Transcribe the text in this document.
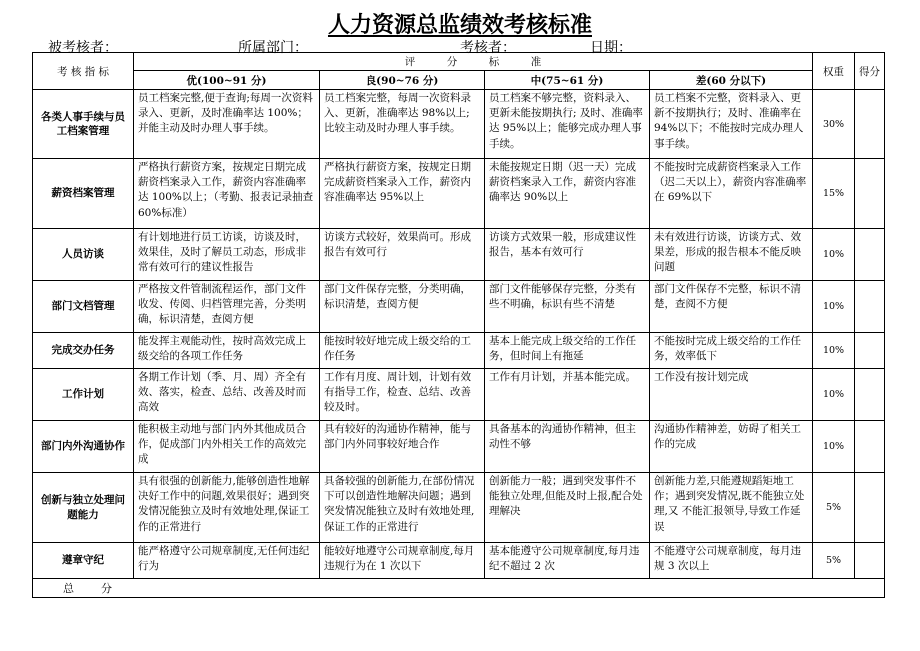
人力资源总监绩效考核标准
被考核者：	所属部门：	考核者：	日期：
考 核 指 标	评　　　分　　　标　　　准				权重	得分
	优(100~91 分)	良(90~76 分)	中(75~61 分)	差(60 分以下)		
各类人事手续与员工档案管理	员工档案完整,便于查询;每周一次资料录入、更新，及时准确率达 100%；并能主动及时办理人事手续。	员工档案完整，每周一次资料录入、更新，准确率达 98%以上; 比较主动及时办理人事手续。	员工档案不够完整，资料录入、更新未能按期执行; 及时、准确率达 95%以上；能够完成办理人事手续。	员工档案不完整，资料录入、更新不按期执行；及时、准确率在 94%以下；不能按时完成办理人事手续。	30%	
薪资档案管理	严格执行薪资方案，按规定日期完成薪资档案录入工作，薪资内容准确率达 100%以上；（考勤、报表记录抽查 60%标准）	严格执行薪资方案，按规定日期完成薪资档案录入工作，薪资内容准确率达 95%以上	未能按规定日期（迟一天）完成薪资档案录入工作，薪资内容准确率达 90%以上	不能按时完成薪资档案录入工作（迟二天以上），薪资内容准确率在 69%以下	15%	
人员访谈	有计划地进行员工访谈，访谈及时，效果佳，及时了解员工动态，形成非常有效可行的建议性报告	访谈方式较好，效果尚可。形成报告有效可行	访谈方式效果一般，形成建议性报告，基本有效可行	未有效进行访谈，访谈方式、效果差，形成的报告根本不能反映问题	10%	
部门文档管理	严格按文件管制流程运作，部门文件收发、传阅、归档管理完善，分类明确，标识清楚，查阅方便	部门文件保存完整，分类明确，标识清楚，查阅方便	部门文件能够保存完整，分类有些不明确，标识有些不清楚	部门文件保存不完整，标识不清楚，查阅不方便	10%	
完成交办任务	能发挥主观能动性，按时高效完成上级交给的各项工作任务	能按时较好地完成上级交给的工作任务	基本上能完成上级交给的工作任务，但时间上有拖延	不能按时完成上级交给的工作任务，效率低下	10%	
工作计划	各期工作计划（季、月、周）齐全有效、落实，检查、总结、改善及时而高效	工作有月度、周计划，计划有效有指导工作，检查、总结、改善较及时。	工作有月计划，并基本能完成。	工作没有按计划完成	10%	
部门内外沟通协作	能积极主动地与部门内外其他成员合作，促成部门内外相关工作的高效完成	具有较好的沟通协作精神，能与部门内外同事较好地合作	具备基本的沟通协作精神，但主动性不够	沟通协作精神差，妨碍了相关工作的完成	10%	
创新与独立处理问题能力	具有很强的创新能力,能够创造性地解决好工作中的问题,效果很好；遇到突发情况能独立及时有效地处理,保证工作的正常进行	具备较强的创新能力,在部份情况下可以创造性地解决问题；遇到突发情况能独立及时有效地处理,保证工作的正常进行	创新能力一般；遇到突发事件不能独立处理,但能及时上报,配合处理解决	创新能力差,只能遵规蹈矩地工作；遇到突发情况,既不能独立处理,又 不能汇报领导,导致工作延误	5%	
遵章守纪	能严格遵守公司规章制度,无任何违纪行为	能较好地遵守公司规章制度,每月违规行为在 1 次以下	基本能遵守公司规章制度,每月违纪不超过 2 次	不能遵守公司规章制度，每月违规 3 次以上	5%	
总　分						
